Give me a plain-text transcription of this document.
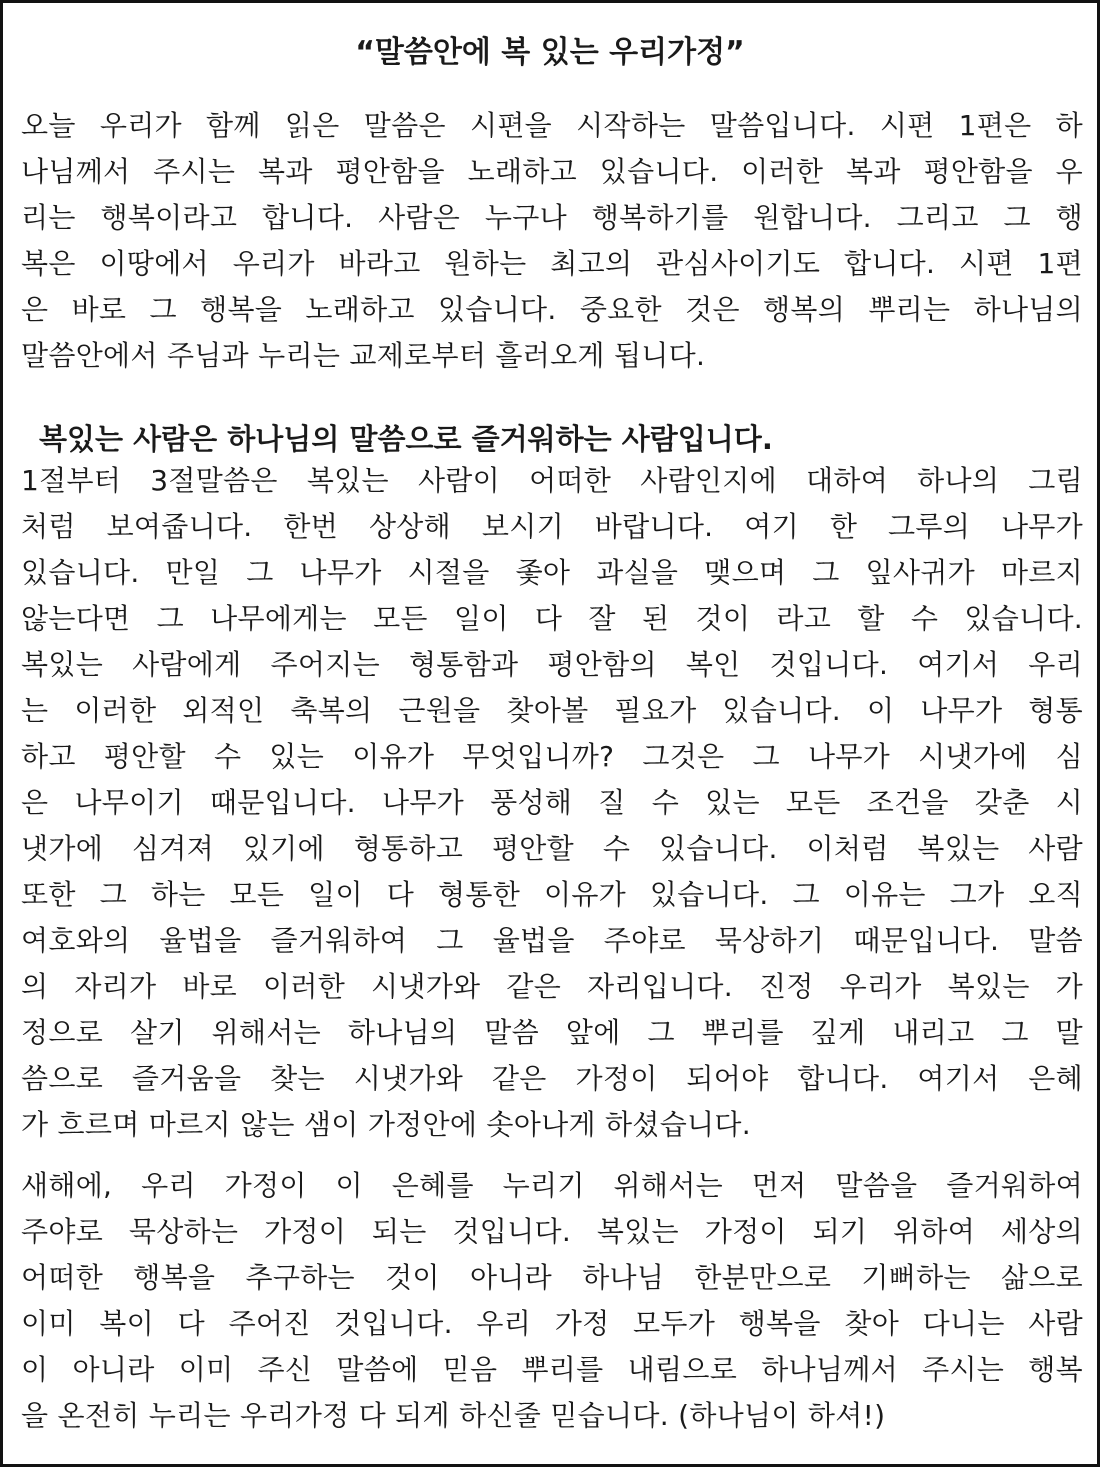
“말씀안에 복 있는 우리가정”
오늘 우리가 함께 읽은 말씀은 시편을 시작하는 말씀입니다. 시편 1편은 하
나님께서 주시는 복과 평안함을 노래하고 있습니다. 이러한 복과 평안함을 우
리는 행복이라고 합니다. 사람은 누구나 행복하기를 원합니다. 그리고 그 행
복은 이땅에서 우리가 바라고 원하는 최고의 관심사이기도 합니다. 시편 1편
은 바로 그 행복을 노래하고 있습니다. 중요한 것은 행복의 뿌리는 하나님의
말씀안에서 주님과 누리는 교제로부터 흘러오게 됩니다.
복있는 사람은 하나님의 말씀으로 즐거워하는 사람입니다.
1절부터 3절말씀은 복있는 사람이 어떠한 사람인지에 대하여 하나의 그림
처럼 보여줍니다. 한번 상상해 보시기 바랍니다. 여기 한 그루의 나무가
있습니다. 만일 그 나무가 시절을 좇아 과실을 맺으며 그 잎사귀가 마르지
않는다면 그 나무에게는 모든 일이 다 잘 된 것이 라고 할 수 있습니다.
복있는 사람에게 주어지는 형통함과 평안함의 복인 것입니다. 여기서 우리
는 이러한 외적인 축복의 근원을 찾아볼 필요가 있습니다. 이 나무가 형통
하고 평안할 수 있는 이유가 무엇입니까? 그것은 그 나무가 시냇가에 심
은 나무이기 때문입니다. 나무가 풍성해 질 수 있는 모든 조건을 갖춘 시
냇가에 심겨져 있기에 형통하고 평안할 수 있습니다. 이처럼 복있는 사람
또한 그 하는 모든 일이 다 형통한 이유가 있습니다. 그 이유는 그가 오직
여호와의 율법을 즐거워하여 그 율법을 주야로 묵상하기 때문입니다. 말씀
의 자리가 바로 이러한 시냇가와 같은 자리입니다. 진정 우리가 복있는 가
정으로 살기 위해서는 하나님의 말씀 앞에 그 뿌리를 깊게 내리고 그 말
씀으로 즐거움을 찾는 시냇가와 같은 가정이 되어야 합니다. 여기서 은혜
가 흐르며 마르지 않는 샘이 가정안에 솟아나게 하셨습니다.
새해에, 우리 가정이 이 은혜를 누리기 위해서는 먼저 말씀을 즐거워하여
주야로 묵상하는 가정이 되는 것입니다. 복있는 가정이 되기 위하여 세상의
어떠한 행복을 추구하는 것이 아니라 하나님 한분만으로 기뻐하는 삶으로
이미 복이 다 주어진 것입니다. 우리 가정 모두가 행복을 찾아 다니는 사람
이 아니라 이미 주신 말씀에 믿음 뿌리를 내림으로 하나님께서 주시는 행복
을 온전히 누리는 우리가정 다 되게 하신줄 믿습니다. (하나님이 하셔!)
